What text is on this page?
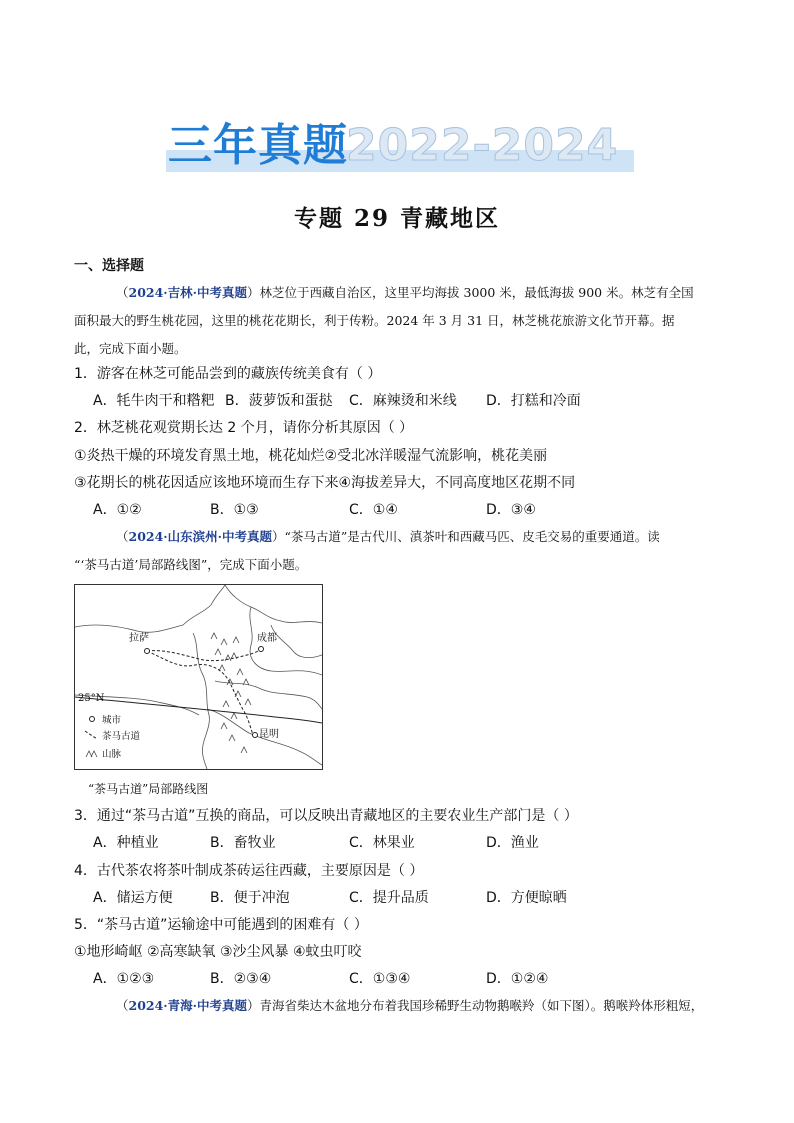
三年真题
2022-2024
专题 29 青藏地区
一、选择题
（2024·吉林·中考真题）林芝位于西藏自治区，这里平均海拔 3000 米，最低海拔 900 米。林芝有全国
面积最大的野生桃花园，这里的桃花花期长，利于传粉。2024 年 3 月 31 日，林芝桃花旅游文化节开幕。据
此，完成下面小题。
1．游客在林芝可能品尝到的藏族传统美食有（ ）
A．牦牛肉干和糌粑 B．菠萝饭和蛋挞 C．麻辣烫和米线 D．打糕和冷面
2．林芝桃花观赏期长达 2 个月，请你分析其原因（ ）
①炎热干燥的环境发育黑土地，桃花灿烂②受北冰洋暖湿气流影响，桃花美丽
③花期长的桃花因适应该地环境而生存下来④海拔差异大，不同高度地区花期不同
A．①②	B．①③	C．①④	D．③④
（2024·山东滨州·中考真题）“茶马古道”是古代川、滇茶叶和西藏马匹、皮毛交易的重要通道。读
“‘茶马古道’局部路线图”，完成下面小题。
拉萨	成都
昆明
25°N
城市
茶马古道
山脉
“茶马古道”局部路线图
3．通过“茶马古道”互换的商品，可以反映出青藏地区的主要农业生产部门是（ ）
A．种植业	B．畜牧业	C．林果业	D．渔业
4．古代茶农将茶叶制成茶砖运往西藏，主要原因是（ ）
A．储运方便	B．便于冲泡	C．提升品质	D．方便晾晒
5．“茶马古道”运输途中可能遇到的困难有（ ）
①地形崎岖 ②高寒缺氧 ③沙尘风暴 ④蚊虫叮咬
A．①②③	B．②③④	C．①③④	D．①②④
（2024·青海·中考真题）青海省柴达木盆地分布着我国珍稀野生动物鹅喉羚（如下图）。鹅喉羚体形粗短，
